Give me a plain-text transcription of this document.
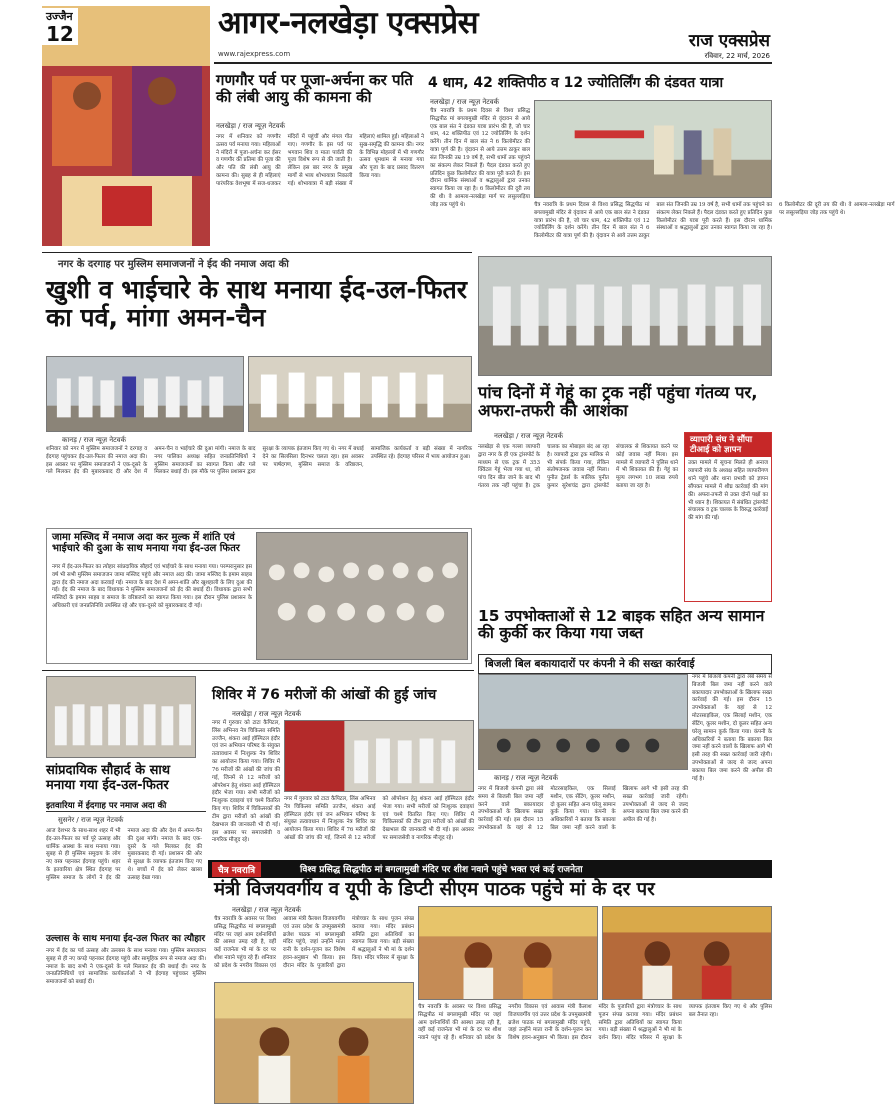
उज्जैन
12	आगर-नलखेड़ा एक्सप्रेस
www.rajexpress.com
राज एक्सप्रेस
रविवार, 22 मार्च, 2026
गणगौर पर्व पर पूजा-अर्चना कर पति की लंबी आयु की कामना की
नलखेड़ा / राज न्यूज़ नेटवर्क
नगर में शनिवार को गणगौर उत्सव पर्व मनाया गया। महिलाओं ने मंदिरों में पूजा-अर्चना कर ईसर व गणगौर की प्रतिमा की पूजा की और पति की लंबी आयु की कामना की। सुबह से ही महिलाएं पारंपरिक वेशभूषा में सज-धजकर मंदिरों में पहुंचीं और मंगल गीत गाए। गणगौर के इस पर्व पर भगवान शिव व माता पार्वती की पूजा विशेष रूप से की जाती है। लेकिन इस बार नगर के प्रमुख मार्गों से भव्य शोभायात्रा निकाली गई। शोभायात्रा में बड़ी संख्या में महिलाएं शामिल हुईं। महिलाओं ने सुख-समृद्धि की कामना की। नगर के विभिन्न मोहल्लों में भी गणगौर उत्सव धूमधाम से मनाया गया और पूजा के बाद प्रसाद वितरण किया गया।
4 धाम, 42 शक्तिपीठ व 12 ज्योतिर्लिंग की दंडवत यात्रा
नलखेड़ा / राज न्यूज़ नेटवर्क
चैत्र नवरात्रि के प्रथम दिवस से विश्व प्रसिद्ध सिद्धपीठ मां बगलामुखी मंदिर से वृंदावन से आये एक बाल संत ने दंडवत यात्रा प्रारंभ की है, जो चार धाम, 42 शक्तिपीठ एवं 12 ज्योतिर्लिंग के दर्शन करेंगे। तीन दिन में बाल संत ने 6 किलोमीटर की यात्रा पूर्ण की है। वृंदावन से आये उत्तम ठाकुर बाल संत जिनकी उम्र 19 वर्ष है, सभी धामों तक पहुंचने का संकल्प लेकर निकले हैं। पैदल दंडवत करते हुए प्रतिदिन कुछ किलोमीटर की यात्रा पूरी करते हैं। इस दौरान धार्मिक संस्थाओं व श्रद्धालुओं द्वारा उनका स्वागत किया जा रहा है। 6 किलोमीटर की दूरी तय की थी। वे आमला-नलखेड़ा मार्ग पर लसुल्लड़िया जोड़ तक पहुंचे थे।	चैत्र नवरात्रि के प्रथम दिवस से विश्व प्रसिद्ध सिद्धपीठ मां बगलामुखी मंदिर से वृंदावन से आये एक बाल संत ने दंडवत यात्रा प्रारंभ की है, जो चार धाम, 42 शक्तिपीठ एवं 12 ज्योतिर्लिंग के दर्शन करेंगे। तीन दिन में बाल संत ने 6 किलोमीटर की यात्रा पूर्ण की है। वृंदावन से आये उत्तम ठाकुर बाल संत जिनकी उम्र 19 वर्ष है, सभी धामों तक पहुंचने का संकल्प लेकर निकले हैं। पैदल दंडवत करते हुए प्रतिदिन कुछ किलोमीटर की यात्रा पूरी करते हैं। इस दौरान धार्मिक संस्थाओं व श्रद्धालुओं द्वारा उनका स्वागत किया जा रहा है। 6 किलोमीटर की दूरी तय की थी। वे आमला-नलखेड़ा मार्ग पर लसुल्लड़िया जोड़ तक पहुंचे थे।
नगर के दरगाह पर मुस्लिम समाजजनों ने ईद की नमाज अदा की
खुशी व भाईचारे के साथ मनाया ईद-उल-फितर का पर्व, मांगा अमन-चैन
कानड़ / राज न्यूज़ नेटवर्क
शनिवार को नगर में मुस्लिम समाजजनों ने दरगाह व ईदगाह पहुंचकर ईद-उल-फितर की नमाज अदा की। इस अवसर पर मुस्लिम समाजजनों ने एक-दूसरे के गले मिलकर ईद की मुबारकबाद दी और देश में अमन-चैन व भाईचारे की दुआ मांगी। नमाज के बाद नगर पालिका अध्यक्ष सहित जनप्रतिनिधियों ने मुस्लिम समाजजनों का स्वागत किया और गले मिलकर बधाई दी। इस मौके पर पुलिस प्रशासन द्वारा सुरक्षा के व्यापक इंतजाम किए गए थे। नगर में बधाई देने का सिलसिला दिनभर चलता रहा। इस अवसर पर पार्षदगण, मुस्लिम समाज के वरिष्ठजन, सामाजिक कार्यकर्ता व बड़ी संख्या में नागरिक उपस्थित रहे। ईदगाह परिसर में भव्य आयोजन हुआ।
पांच दिनों में गेहूं का ट्रक नहीं पहुंचा गंतव्य पर, अफरा-तफरी की आशंका
नलखेड़ा / राज न्यूज़ नेटवर्क
नलखेड़ा से एक गल्ला व्यापारी द्वारा नगर के ही एक ट्रांसपोर्ट के माध्यम से एक ट्रक में 353 क्विंटल गेहूं भेजा गया था, जो पांच दिन बीत जाने के बाद भी गंतव्य तक नहीं पहुंचा है। ट्रक चालक का मोबाइल बंद आ रहा है। व्यापारी द्वारा ट्रक मालिक से भी संपर्क किया गया, लेकिन संतोषजनक जवाब नहीं मिला। पुनीत ट्रेडर्स के मालिक पुनीत कुमार सुरेशचंद्र द्वारा ट्रांसपोर्ट संचालक से शिकायत करने पर कोई जवाब नहीं मिला। इस मामले में व्यापारी ने पुलिस थाने में भी शिकायत की है। गेहूं का मूल्य लगभग 10 लाख रुपये बताया जा रहा है।
व्यापारी संघ ने सौंपा टीआई को ज्ञापन
उक्त मामले में सूचना मिलते ही अनाज व्यापारी संघ के अध्यक्ष सहित व्यापारीगण थाने पहुंचे और थाना प्रभारी को ज्ञापन सौंपकर मामले में शीघ्र कार्रवाई की मांग की। अफरा-तफरी से उक्त दोनों पक्षों का भी ध्यान है। शिकायत में संबंधित ट्रांसपोर्ट संचालक व ट्रक चालक के विरुद्ध कार्रवाई की मांग की गई।
जामा मस्जिद में नमाज अदा कर मुल्क में शांति एवं भाईचारे की दुआ के साथ मनाया गया ईद-उल फितर
नगर में ईद-उल-फितर का त्योहार सांप्रदायिक सौहार्द एवं भाईचारे के साथ मनाया गया। परम्परानुसार इस वर्ष भी सभी मुस्लिम समाजजन जामा मस्जिद पहुंचे और नमाज अदा की। जामा मस्जिद के इमाम साहब द्वारा ईद की नमाज अदा करवाई गई। नमाज के बाद देश में अमन-शांति और खुशहाली के लिए दुआ की गई। ईद की नमाज के बाद विधायक ने मुस्लिम समाजजनों को ईद की बधाई दी। विधायक द्वारा सभी मस्जिदों के इमाम साहब व समाज के वरिष्ठजनों का स्वागत किया गया। इस दौरान पुलिस प्रशासन के अधिकारी एवं जनप्रतिनिधि उपस्थित रहे और एक-दूसरे को मुबारकबाद दी गई।
15 उपभोक्ताओं से 12 बाइक सहित अन्य सामान की कुर्की कर किया गया जब्त
बिजली बिल बकायादारों पर कंपनी ने की सख्त कार्रवाई
नगर में बिजली कंपनी द्वारा लंबे समय से बिजली बिल जमा नहीं करने वाले बकायादार उपभोक्ताओं के खिलाफ सख्त कार्रवाई की गई। इस दौरान 15 उपभोक्ताओं के यहां से 12 मोटरसाइकिल, एक सिलाई मशीन, एक सेंटिंग, कूलर मशीन, दो कूलर सहित अन्य घरेलू सामान कुर्क किया गया। कंपनी के अधिकारियों ने बताया कि बकाया बिल जमा नहीं करने वालों के खिलाफ आगे भी इसी तरह की सख्त कार्रवाई जारी रहेगी। उपभोक्ताओं से जल्द से जल्द अपना बकाया बिल जमा करने की अपील की गई है।
कानड़ / राज न्यूज़ नेटवर्क
नगर में बिजली कंपनी द्वारा लंबे समय से बिजली बिल जमा नहीं करने वाले बकायादार उपभोक्ताओं के खिलाफ सख्त कार्रवाई की गई। इस दौरान 15 उपभोक्ताओं के यहां से 12 मोटरसाइकिल, एक सिलाई मशीन, एक सेंटिंग, कूलर मशीन, दो कूलर सहित अन्य घरेलू सामान कुर्क किया गया। कंपनी के अधिकारियों ने बताया कि बकाया बिल जमा नहीं करने वालों के खिलाफ आगे भी इसी तरह की सख्त कार्रवाई जारी रहेगी। उपभोक्ताओं से जल्द से जल्द अपना बकाया बिल जमा करने की अपील की गई है।
सांप्रदायिक सौहार्द के साथ मनाया गया ईद-उल-फितर
इतवारिया में ईदगाह पर नमाज अदा की
सुसनेर / राज न्यूज़ नेटवर्क
आज देशभर के साथ-साथ शहर में भी ईद-उल-फितर का पर्व पूरे उत्साह और धार्मिक आस्था के साथ मनाया गया। सुबह से ही मुस्लिम समुदाय के लोग नए वस्त्र पहनकर ईदगाह पहुंचे। शहर के इतवारिया क्षेत्र स्थित ईदगाह पर मुस्लिम समाज के लोगों ने ईद की नमाज अदा की और देश में अमन-चैन की दुआ मांगी। नमाज के बाद एक-दूसरे के गले मिलकर ईद की मुबारकबाद दी गई। प्रशासन की ओर से सुरक्षा के व्यापक इंतजाम किए गए थे। बच्चों में ईद को लेकर खासा उत्साह देखा गया।
शिविर में 76 मरीजों की आंखों की हुई जांच
नलखेड़ा / राज न्यूज़ नेटवर्क
नगर में गुरुवार को टाटा कैपिटल, लिंस अभिनव नेत्र चिकित्सा समिति उज्जैन, शंकरा आई हॉस्पिटल इंदौर एवं जन अभियान परिषद के संयुक्त तत्वावधान में निःशुल्क नेत्र शिविर का आयोजन किया गया। शिविर में 76 मरीजों की आंखों की जांच की गई, जिनमें से 12 मरीजों को ऑपरेशन हेतु शंकरा आई हॉस्पिटल इंदौर भेजा गया। सभी मरीजों को निःशुल्क दवाइयां एवं चश्मे वितरित किए गए। शिविर में चिकित्सकों की टीम द्वारा मरीजों को आंखों की देखभाल की जानकारी भी दी गई। इस अवसर पर समाजसेवी व नागरिक मौजूद रहे।
नगर में गुरुवार को टाटा कैपिटल, लिंस अभिनव नेत्र चिकित्सा समिति उज्जैन, शंकरा आई हॉस्पिटल इंदौर एवं जन अभियान परिषद के संयुक्त तत्वावधान में निःशुल्क नेत्र शिविर का आयोजन किया गया। शिविर में 76 मरीजों की आंखों की जांच की गई, जिनमें से 12 मरीजों को ऑपरेशन हेतु शंकरा आई हॉस्पिटल इंदौर भेजा गया। सभी मरीजों को निःशुल्क दवाइयां एवं चश्मे वितरित किए गए। शिविर में चिकित्सकों की टीम द्वारा मरीजों को आंखों की देखभाल की जानकारी भी दी गई। इस अवसर पर समाजसेवी व नागरिक मौजूद रहे।
उल्लास के साथ मनाया ईद-उल फितर का त्यौहार
नगर में ईद का पर्व उत्साह और उल्लास के साथ मनाया गया। मुस्लिम समाजजन सुबह से ही नए कपड़े पहनकर ईदगाह पहुंचे और सामूहिक रूप से नमाज अदा की। नमाज के बाद सभी ने एक-दूसरे के गले मिलकर ईद की बधाई दी। नगर के जनप्रतिनिधियों एवं सामाजिक कार्यकर्ताओं ने भी ईदगाह पहुंचकर मुस्लिम समाजजनों को बधाई दी।
चैत्र नवरात्रि	विश्व प्रसिद्ध सिद्धपीठ मां बगलामुखी मंदिर पर शीश नवाने पहुंचे भक्त एवं कई राजनेता
मंत्री विजयवर्गीय व यूपी के डिप्टी सीएम पाठक पहुंचे मां के दर पर
नलखेड़ा / राज न्यूज़ नेटवर्क
चैत्र नवरात्रि के अवसर पर विश्व प्रसिद्ध सिद्धपीठ मां बगलामुखी मंदिर पर जहां आम दर्शनार्थियों की आस्था उमड़ रही है, वहीं कई राजनेता भी मां के दर पर शीश नवाने पहुंच रहे हैं। शनिवार को प्रदेश के नगरीय विकास एवं आवास मंत्री कैलाश विजयवर्गीय एवं उत्तर प्रदेश के उपमुख्यमंत्री ब्रजेश पाठक मां बगलामुखी मंदिर पहुंचे, जहां उन्होंने माता रानी के दर्शन-पूजन कर विशेष हवन-अनुष्ठान भी किया। इस दौरान मंदिर के पुजारियों द्वारा मंत्रोच्चार के साथ पूजन संपन्न कराया गया। मंदिर प्रबंधन समिति द्वारा अतिथियों का स्वागत किया गया। बड़ी संख्या में श्रद्धालुओं ने भी मां के दर्शन किए। मंदिर परिसर में सुरक्षा के
चैत्र नवरात्रि के अवसर पर विश्व प्रसिद्ध सिद्धपीठ मां बगलामुखी मंदिर पर जहां आम दर्शनार्थियों की आस्था उमड़ रही है, वहीं कई राजनेता भी मां के दर पर शीश नवाने पहुंच रहे हैं। शनिवार को प्रदेश के नगरीय विकास एवं आवास मंत्री कैलाश विजयवर्गीय एवं उत्तर प्रदेश के उपमुख्यमंत्री ब्रजेश पाठक मां बगलामुखी मंदिर पहुंचे, जहां उन्होंने माता रानी के दर्शन-पूजन कर विशेष हवन-अनुष्ठान भी किया। इस दौरान मंदिर के पुजारियों द्वारा मंत्रोच्चार के साथ पूजन संपन्न कराया गया। मंदिर प्रबंधन समिति द्वारा अतिथियों का स्वागत किया गया। बड़ी संख्या में श्रद्धालुओं ने भी मां के दर्शन किए। मंदिर परिसर में सुरक्षा के व्यापक इंतजाम किए गए थे और पुलिस बल तैनात रहा।
